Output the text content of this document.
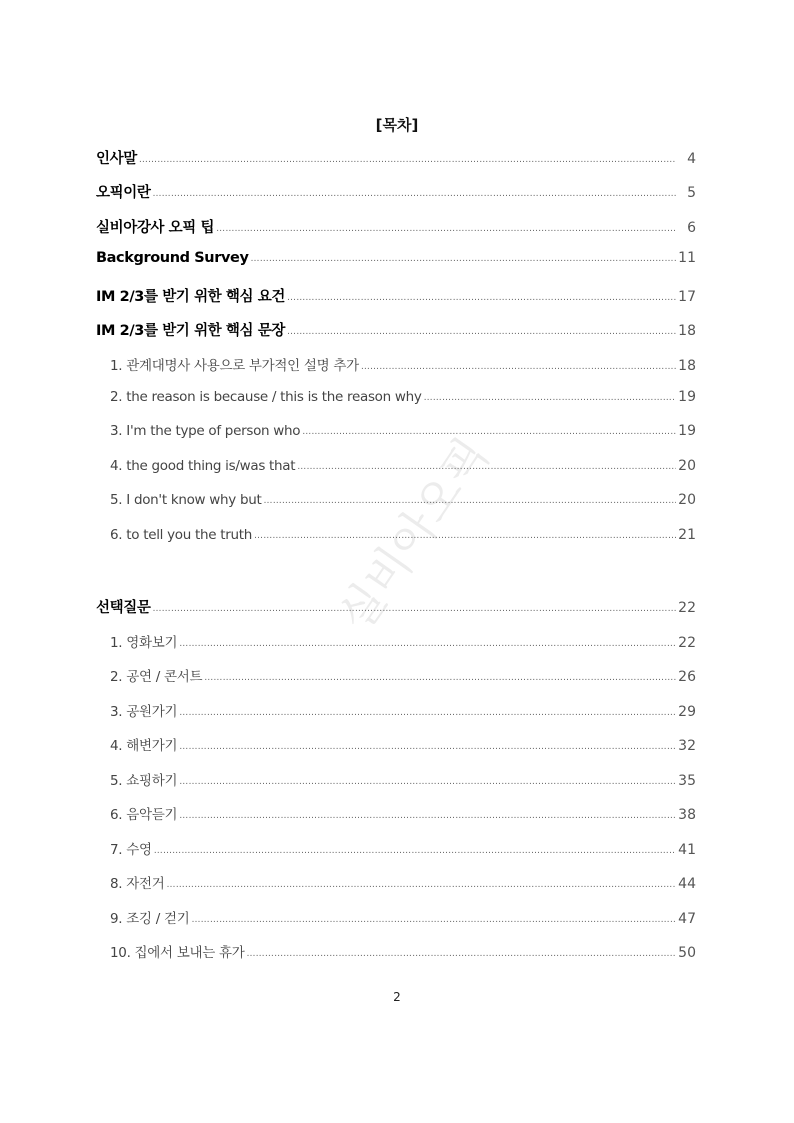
실비아오픽
[목차]
인사말 ……………………………………………………………………………………………………………………………………………………………………………………………………	4
오픽이란 ……………………………………………………………………………………………………………………………………………………………………………………………………	5
실비아강사 오픽 팁 ……………………………………………………………………………………………………………………………………………………………………………………………………	6
Background Survey ……………………………………………………………………………………………………………………………………………………………………………………………………	11
IM 2/3를 받기 위한 핵심 요건 ……………………………………………………………………………………………………………………………………………………………………………………………………	17
IM 2/3를 받기 위한 핵심 문장 ……………………………………………………………………………………………………………………………………………………………………………………………………	18
1. 관계대명사 사용으로 부가적인 설명 추가 ……………………………………………………………………………………………………………………………………………………………………………………………………	18
2. the reason is because / this is the reason why ……………………………………………………………………………………………………………………………………………………………………………………………………	19
3. I'm the type of person who ……………………………………………………………………………………………………………………………………………………………………………………………………	19
4. the good thing is/was that ……………………………………………………………………………………………………………………………………………………………………………………………………	20
5. I don't know why but ……………………………………………………………………………………………………………………………………………………………………………………………………	20
6. to tell you the truth ……………………………………………………………………………………………………………………………………………………………………………………………………	21
선택질문 ……………………………………………………………………………………………………………………………………………………………………………………………………	22
1. 영화보기 ……………………………………………………………………………………………………………………………………………………………………………………………………	22
2. 공연 / 콘서트 ……………………………………………………………………………………………………………………………………………………………………………………………………	26
3. 공원가기 ……………………………………………………………………………………………………………………………………………………………………………………………………	29
4. 해변가기 ……………………………………………………………………………………………………………………………………………………………………………………………………	32
5. 쇼핑하기 ……………………………………………………………………………………………………………………………………………………………………………………………………	35
6. 음악듣기 ……………………………………………………………………………………………………………………………………………………………………………………………………	38
7. 수영 ……………………………………………………………………………………………………………………………………………………………………………………………………	41
8. 자전거 ……………………………………………………………………………………………………………………………………………………………………………………………………	44
9. 조깅 / 걷기 ……………………………………………………………………………………………………………………………………………………………………………………………………	47
10. 집에서 보내는 휴가 ……………………………………………………………………………………………………………………………………………………………………………………………………	50
2
